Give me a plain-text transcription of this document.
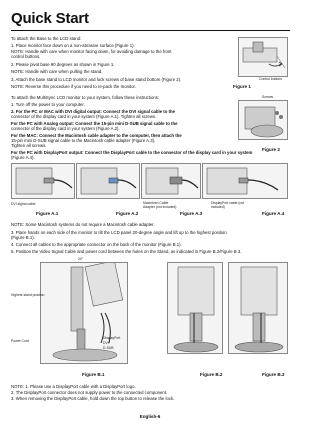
Quick Start
To attach the Base to the LCD stand:
1. Place monitor face down on a non-abrasive surface (Figure 1).
NOTE: Handle with care when monitor facing down, for avoiding damage to the front
control buttons.
2. Please pivot base 90 degrees as shown in Figure 1.
NOTE: Handle with care when pulling the stand.
3. Attach the base stand to LCD monitor and lock screws of base stand bottom (Figure 2).
NOTE: Reverse this procedure if you need to re-pack the monitor.
Control buttons
Figure 1
Screws
Figure 2
To attach the MultiSync LCD monitor to your system, follow these instructions:
1. Turn off the power to your computer.
2. For the PC or MAC with DVI digital output: Connect the DVI signal cable to the
connector of the display card in your system (Figure A.1). Tighten all screws.
For the PC with Analog output: Connect the 15-pin mini D-SUB signal cable to the
connector of the display card in your system (Figure A.2).
For the MAC: Connect the Macintosh cable adapter to the computer, then attach the
15-pin mini D-SUB signal cable to the Macintosh cable adapter (Figure A.3).
Tighten all screws.
For the PC with DisplayPort output: Connect the DisplayPort cable to the connector of the display card in your system
(Figure A.4).
DVI signal cable	Macintosh Cable Adapter (not included)
DisplayPort cable (not included)
Figure A.1	Figure A.2	Figure A.3	Figure A.4
NOTE: Some Macintosh systems do not require a Macintosh cable adapter.
3. Place hands on each side of the monitor to tilt the LCD panel 20-degree angle and lift up to the highest position
(Figure B.1).
4. Connect all cables to the appropriate connector on the back of the monitor (Figure B.1).
5. Position the Video Signal Cable and power cord between the holes on the Stand, as indicated in Figure B.2/Figure B.3.
20°
Highest stand position
Power Cord
DisplayPort
DVI
D-SUB
Figure B.1	Figure B.2	Figure B.3
NOTE: 1. Please use a DisplayPort cable with a DisplayPort logo.
2. The DisplayPort connector does not supply power to the connected component.
3. When removing the DisplayPort cable, hold down the top button to release the lock.
English-6
